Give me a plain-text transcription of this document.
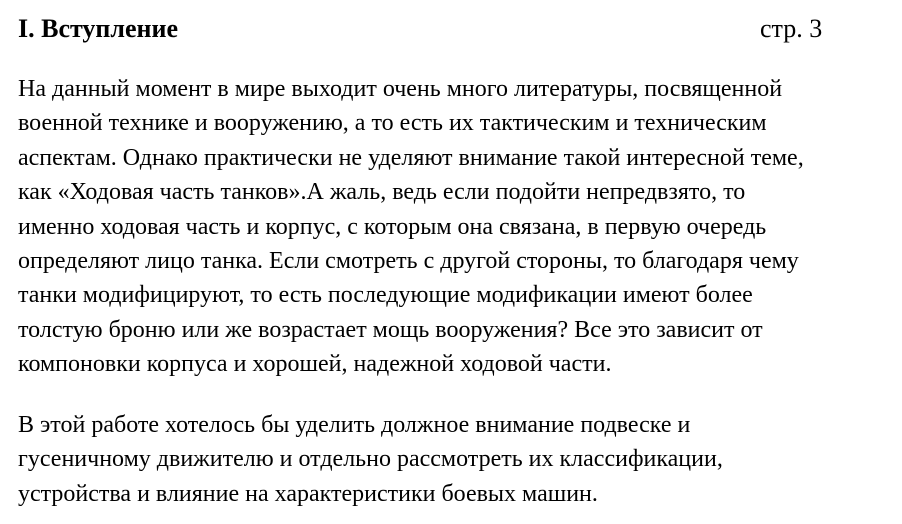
I. Вступление	стр. 3

На данный момент в мире выходит очень много литературы, посвященной
военной технике и вооружению, а то есть их тактическим и техническим
аспектам. Однако практически не уделяют внимание такой интересной теме,
как «Ходовая часть танков».А жаль, ведь если подойти непредвзято, то
именно ходовая часть и корпус, с которым она связана, в первую очередь
определяют лицо танка. Если смотреть с другой стороны, то благодаря чему
танки модифицируют, то есть последующие модификации имеют более
толстую броню или же возрастает мощь вооружения? Все это зависит от
компоновки корпуса и хорошей, надежной ходовой части.

В этой работе хотелось бы уделить должное внимание подвеске и
гусеничному движителю и отдельно рассмотреть их классификации,
устройства и влияние на характеристики боевых машин.
